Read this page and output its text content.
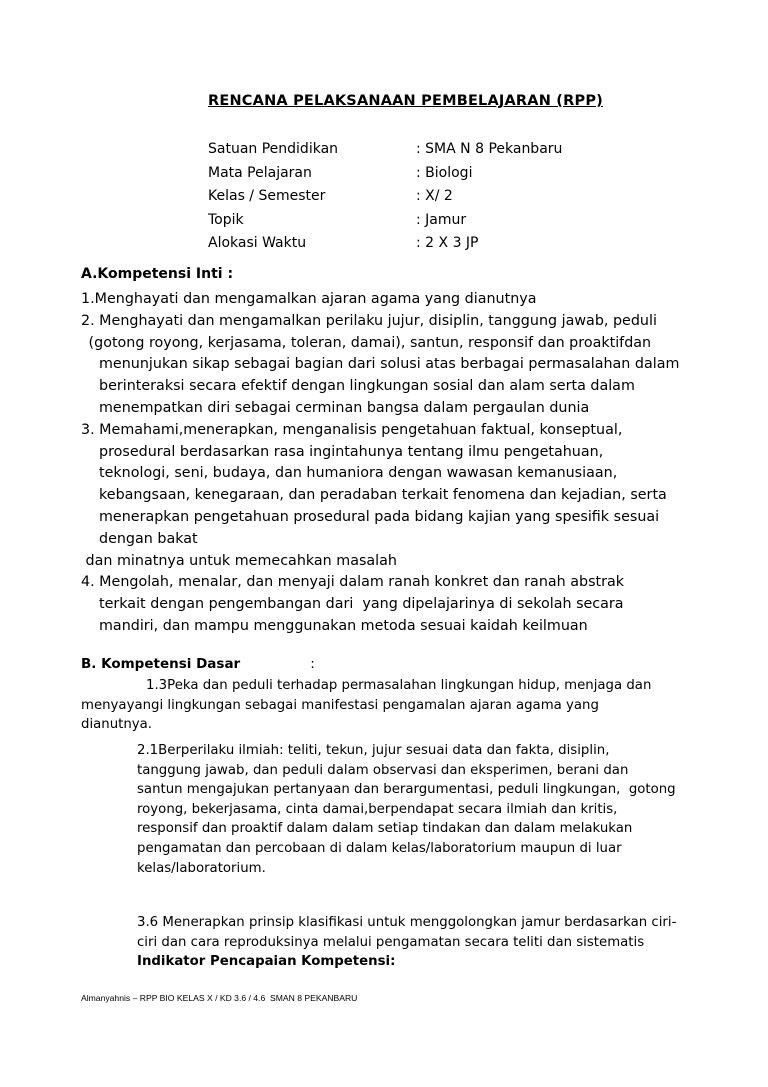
RENCANA PELAKSANAAN PEMBELAJARAN (RPP)
Satuan Pendidikan	: SMA N 8 Pekanbaru
Mata Pelajaran	: Biologi
Kelas / Semester	: X/ 2
Topik	: Jamur
Alokasi Waktu	: 2 X 3 JP
A.Kompetensi Inti :
1.Menghayati dan mengamalkan ajaran agama yang dianutnya
2. Menghayati dan mengamalkan perilaku jujur, disiplin, tanggung jawab, peduli
(gotong royong, kerjasama, toleran, damai), santun, responsif dan proaktifdan
menunjukan sikap sebagai bagian dari solusi atas berbagai permasalahan dalam
berinteraksi secara efektif dengan lingkungan sosial dan alam serta dalam
menempatkan diri sebagai cerminan bangsa dalam pergaulan dunia
3. Memahami,menerapkan, menganalisis pengetahuan faktual, konseptual,
prosedural berdasarkan rasa ingintahunya tentang ilmu pengetahuan,
teknologi, seni, budaya, dan humaniora dengan wawasan kemanusiaan,
kebangsaan, kenegaraan, dan peradaban terkait fenomena dan kejadian, serta
menerapkan pengetahuan prosedural pada bidang kajian yang spesifik sesuai
dengan bakat
dan minatnya untuk memecahkan masalah
4. Mengolah, menalar, dan menyaji dalam ranah konkret dan ranah abstrak
terkait dengan pengembangan dari  yang dipelajarinya di sekolah secara
mandiri, dan mampu menggunakan metoda sesuai kaidah keilmuan
B. Kompetensi Dasar	:
1.3Peka dan peduli terhadap permasalahan lingkungan hidup, menjaga dan
menyayangi lingkungan sebagai manifestasi pengamalan ajaran agama yang
dianutnya.
2.1Berperilaku ilmiah: teliti, tekun, jujur sesuai data dan fakta, disiplin,
tanggung jawab, dan peduli dalam observasi dan eksperimen, berani dan
santun mengajukan pertanyaan dan berargumentasi, peduli lingkungan,  gotong
royong, bekerjasama, cinta damai,berpendapat secara ilmiah dan kritis,
responsif dan proaktif dalam dalam setiap tindakan dan dalam melakukan
pengamatan dan percobaan di dalam kelas/laboratorium maupun di luar
kelas/laboratorium.
3.6 Menerapkan prinsip klasifikasi untuk menggolongkan jamur berdasarkan ciri-
ciri dan cara reproduksinya melalui pengamatan secara teliti dan sistematis
Indikator Pencapaian Kompetensi:
Almanyahnis – RPP BIO KELAS X / KD 3.6 / 4.6  SMAN 8 PEKANBARU
